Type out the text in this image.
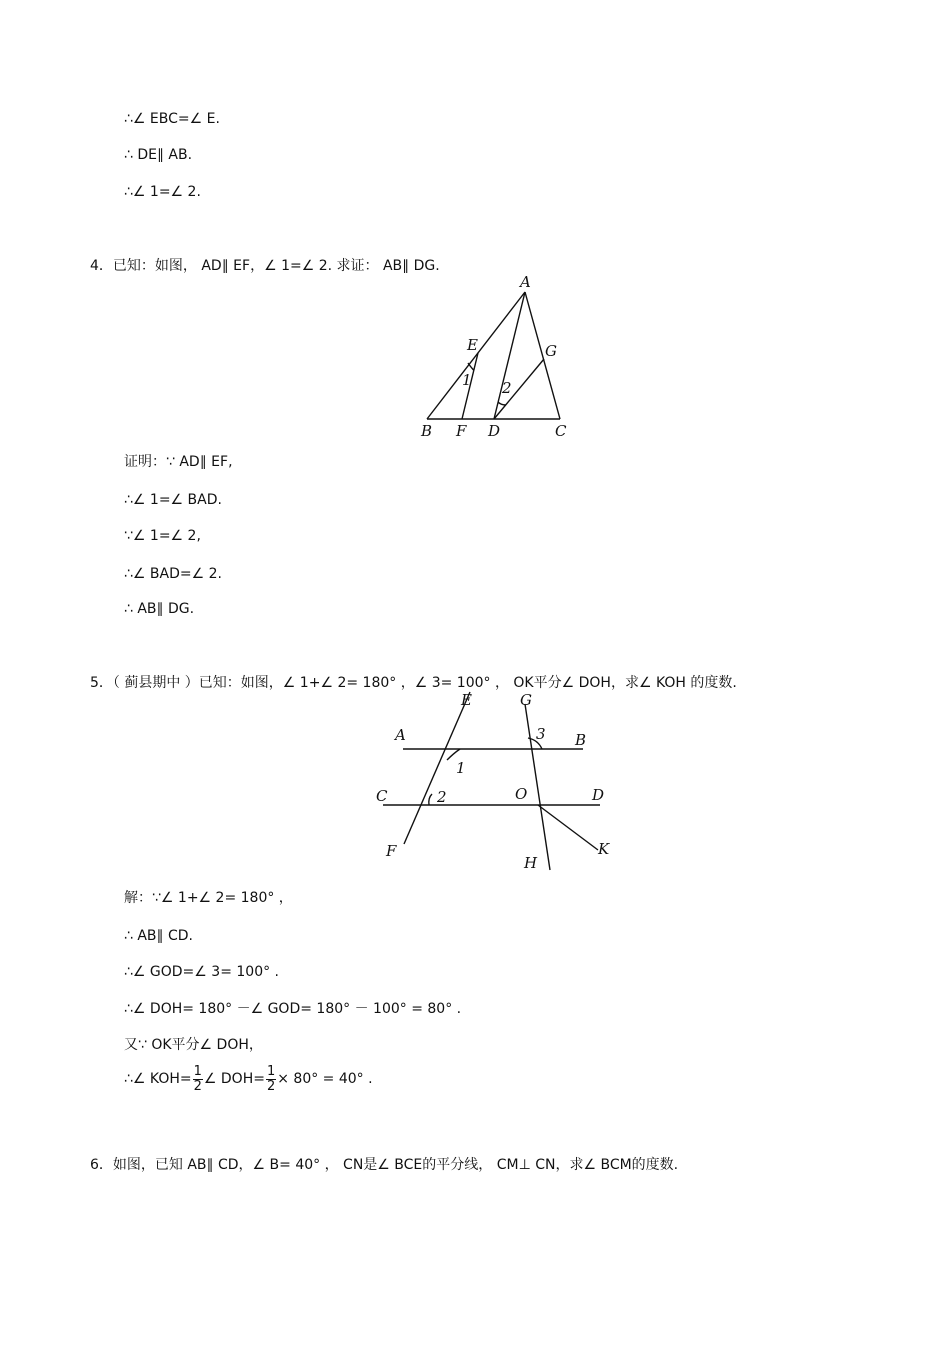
∴∠ EBC=∠ E.
∴ DE∥ AB.
∴∠ 1=∠ 2.
4．已知：如图， AD∥ EF，∠ 1=∠ 2. 求证： AB∥ DG.
A
E	G
1 2
B F D	C
证明：∵ AD∥ EF,
∴∠ 1=∠ BAD.
∵∠ 1=∠ 2,
∴∠ BAD=∠ 2.
∴ AB∥ DG.
5．（ 蓟县期中 ）已知：如图，∠ 1+∠ 2= 180° ，∠ 3= 100° ， OK平分∠ DOH，求∠ KOH 的度数.
E	G
A	3 B
1
C	2	O	D
F
H
K
解：∵∠ 1+∠ 2= 180° ，
∴ AB∥ CD.
∴∠ GOD=∠ 3= 100° .
∴∠ DOH= 180° －∠ GOD= 180° － 100° = 80° .
又∵ OK平分∠ DOH，
∴∠ $KOH= \frac{1}{2}$ ∠ $DOH= \frac{1}{2} \times 80^\circ = 40^\circ$ .
6．如图，已知 AB∥ CD，∠ B= 40° ， CN是∠ BCE的平分线， CM⊥ CN，求∠ BCM的度数.
